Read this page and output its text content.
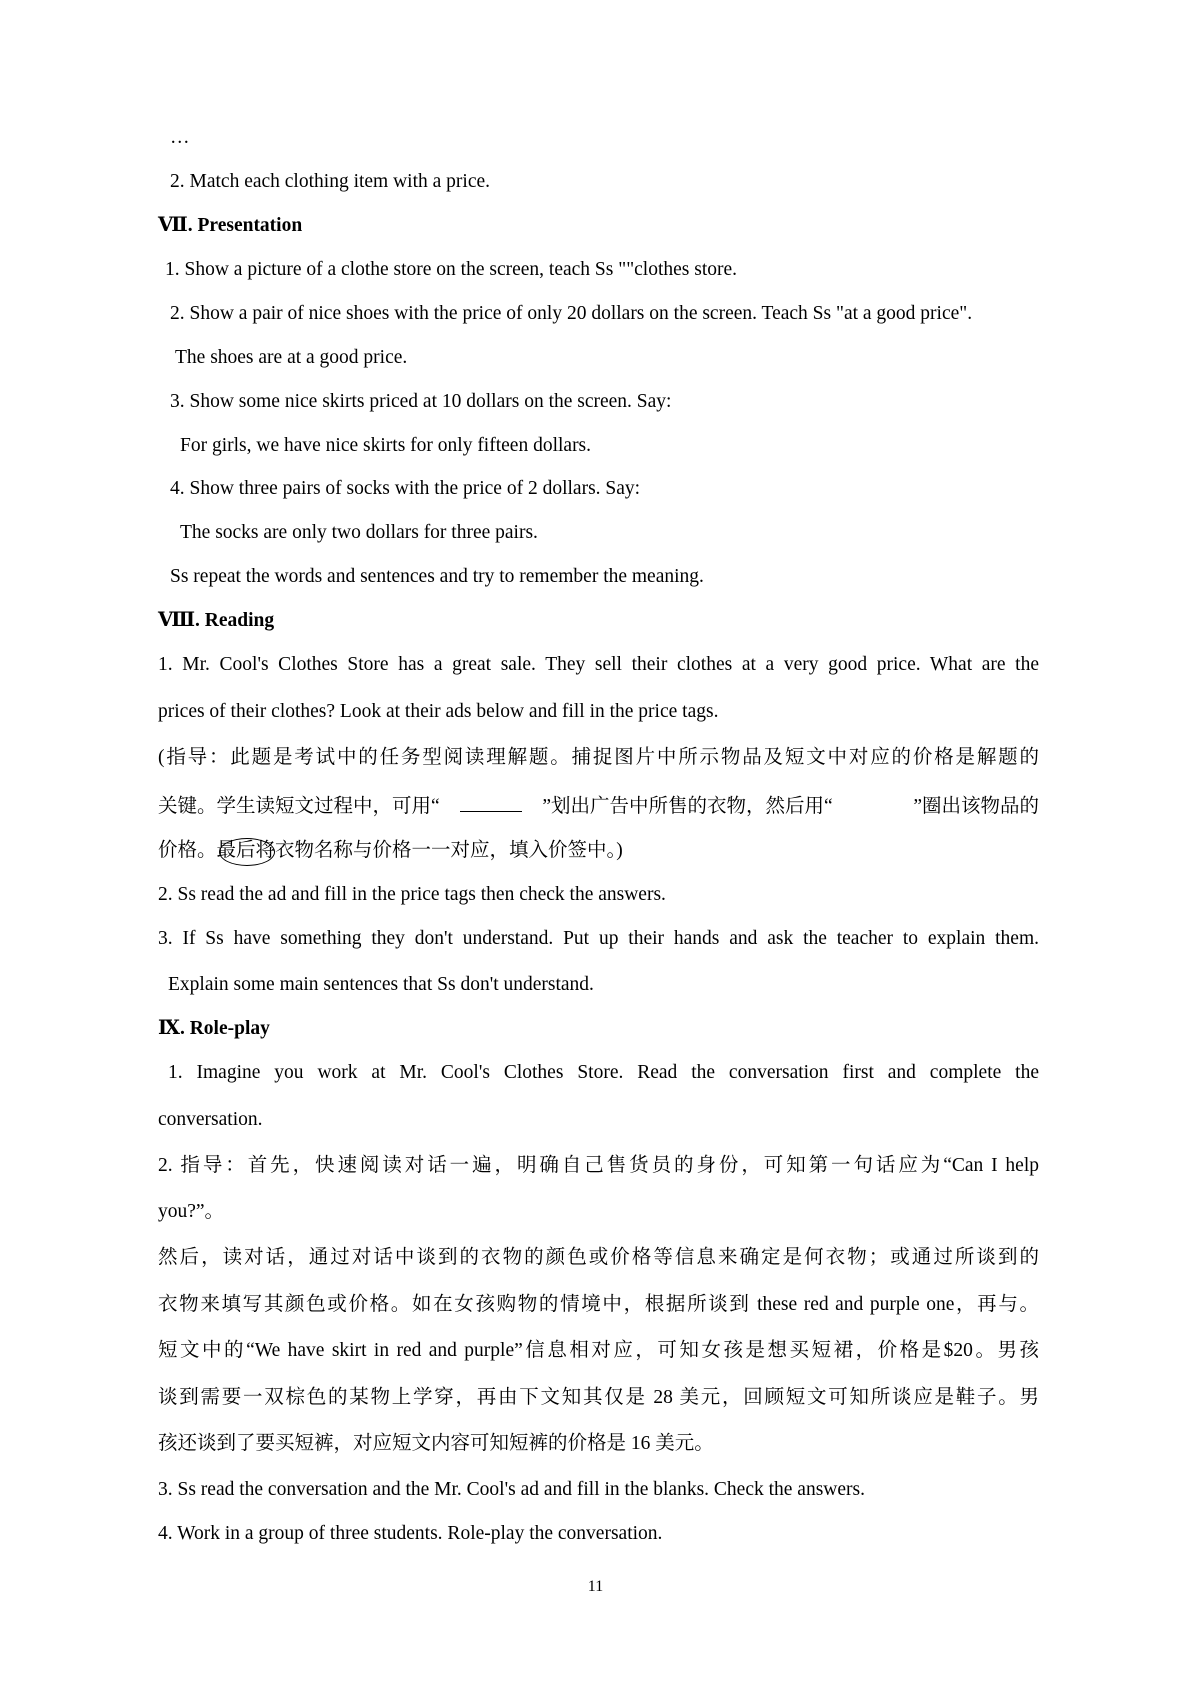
…
2. Match each clothing item with a price.
Ⅶ. Presentation
1. Show a picture of a clothe store on the screen, teach Ss ""clothes store.
2. Show a pair of nice shoes with the price of only 20 dollars on the screen. Teach Ss "at a good price".
The shoes are at a good price.
3. Show some nice skirts priced at 10 dollars on the screen. Say:
For girls, we have nice skirts for only fifteen dollars.
4. Show three pairs of socks with the price of 2 dollars. Say:
The socks are only two dollars for three pairs.
Ss repeat the words and sentences and try to remember the meaning.
Ⅷ. Reading
1. Mr. Cool's Clothes Store has a great sale. They sell their clothes at a very good price. What are the
prices of their clothes? Look at their ads below and fill in the price tags.
(指导：此题是考试中的任务型阅读理解题。捕捉图片中所示物品及短文中对应的价格是解题的
关键。学生读短文过程中，可用“	”划出广告中所售的衣物，然后用“	”圈出该物品的
价格。最后将衣物名称与价格一一对应，填入价签中。)
2. Ss read the ad and fill in the price tags then check the answers.
3. If Ss have something they don't understand. Put up their hands and ask the teacher to explain them.
Explain some main sentences that Ss don't understand.
Ⅸ. Role-play
1. Imagine you work at Mr. Cool's Clothes Store. Read the conversation first and complete the
conversation.
2. 指导：首先，快速阅读对话一遍，明确自己售货员的身份，可知第一句话应为“Can I help
you?”。
然后，读对话，通过对话中谈到的衣物的颜色或价格等信息来确定是何衣物；或通过所谈到的
衣物来填写其颜色或价格。如在女孩购物的情境中，根据所谈到 these red and purple one，再与。
短文中的“We have skirt in red and purple”信息相对应，可知女孩是想买短裙，价格是$20。男孩
谈到需要一双棕色的某物上学穿，再由下文知其仅是 28 美元，回顾短文可知所谈应是鞋子。男
孩还谈到了要买短裤，对应短文内容可知短裤的价格是 16 美元。
3. Ss read the conversation and the Mr. Cool's ad and fill in the blanks. Check the answers.
4. Work in a group of three students. Role-play the conversation.
11
